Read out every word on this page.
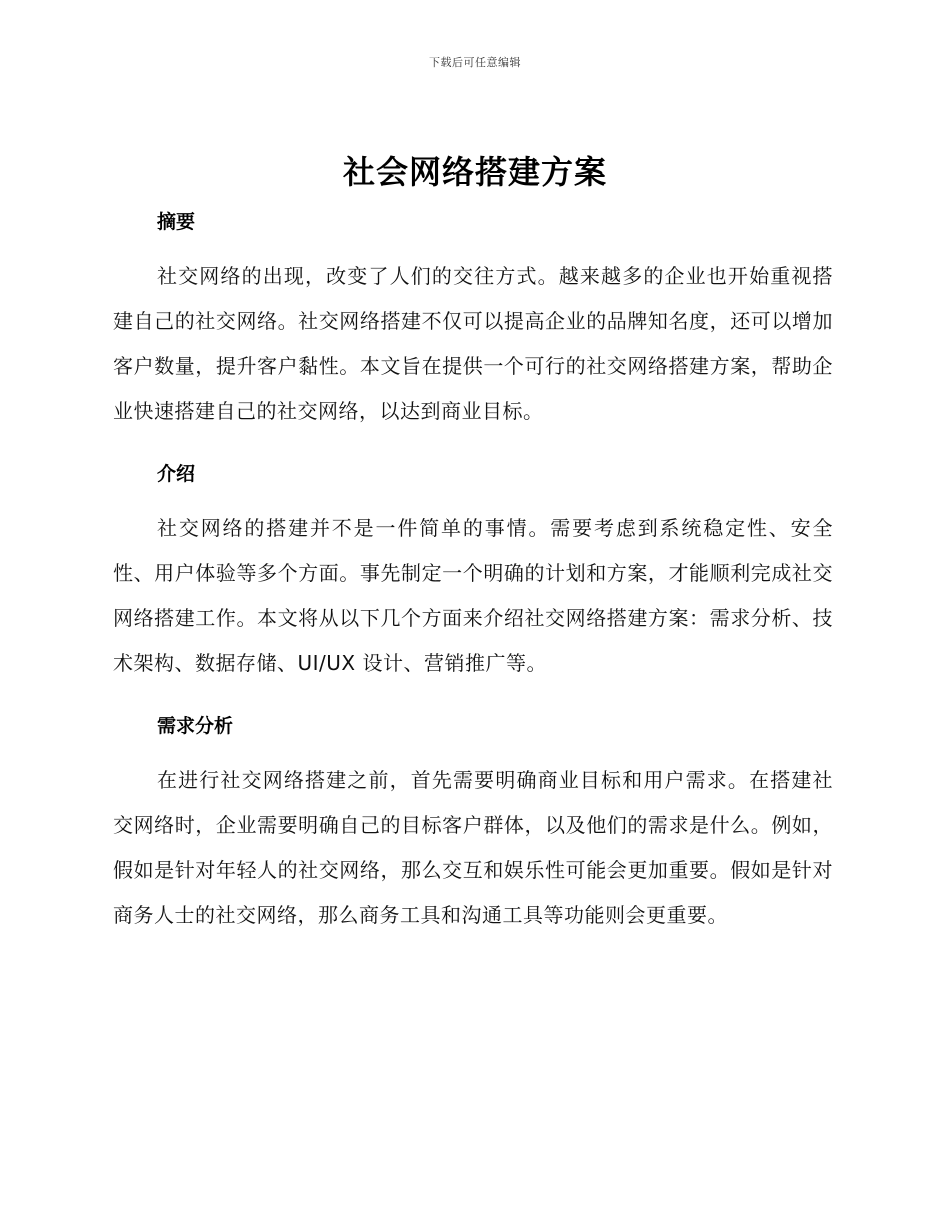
下载后可任意编辑
社会网络搭建方案
摘要

社交网络的出现，改变了人们的交往方式。越来越多的企业也开始重视搭建自己的社交网络。社交网络搭建不仅可以提高企业的品牌知名度，还可以增加客户数量，提升客户黏性。本文旨在提供一个可行的社交网络搭建方案，帮助企业快速搭建自己的社交网络，以达到商业目标。

介绍

社交网络的搭建并不是一件简单的事情。需要考虑到系统稳定性、安全性、用户体验等多个方面。事先制定一个明确的计划和方案，才能顺利完成社交网络搭建工作。本文将从以下几个方面来介绍社交网络搭建方案：需求分析、技术架构、数据存储、UI/UX 设计、营销推广等。

需求分析

在进行社交网络搭建之前，首先需要明确商业目标和用户需求。在搭建社交网络时，企业需要明确自己的目标客户群体，以及他们的需求是什么。例如，假如是针对年轻人的社交网络，那么交互和娱乐性可能会更加重要。假如是针对商务人士的社交网络，那么商务工具和沟通工具等功能则会更重要。
